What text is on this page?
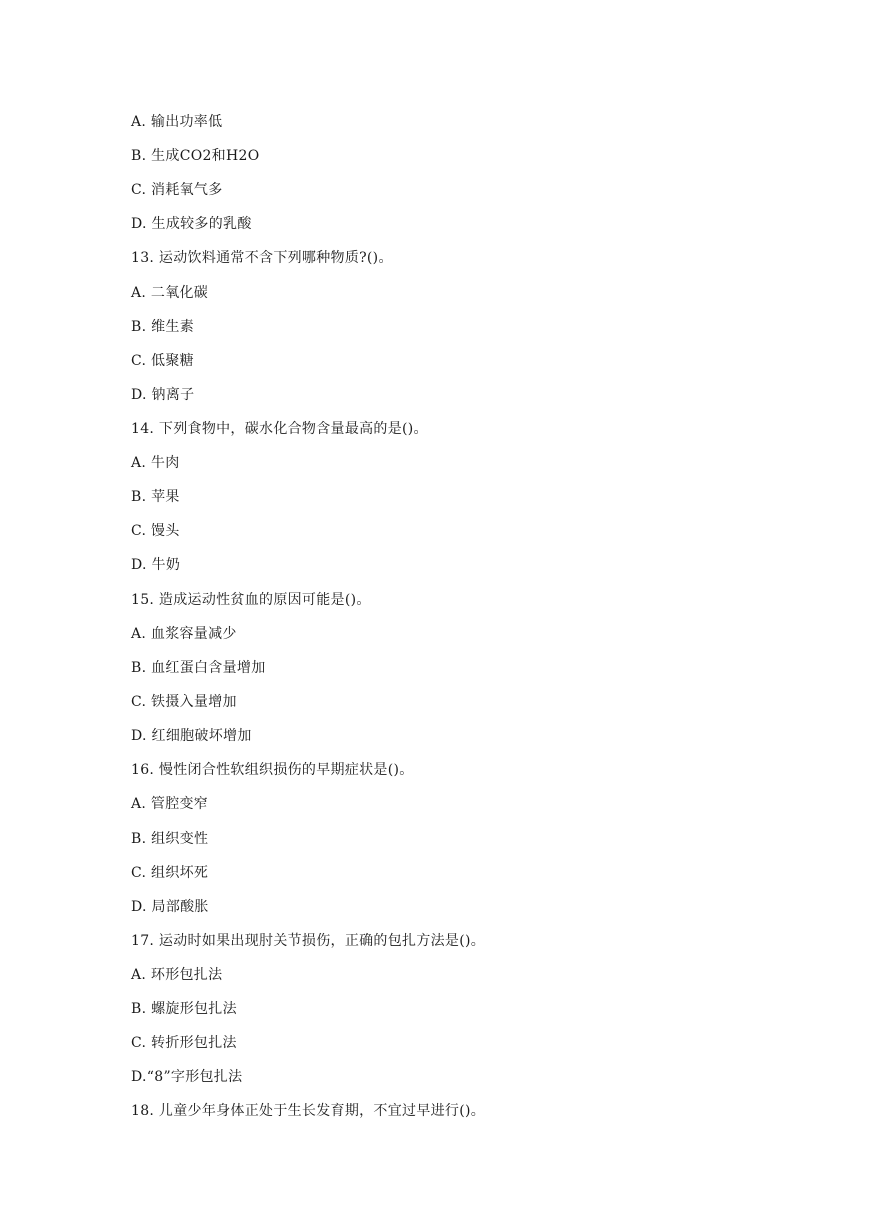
A. 输出功率低
B. 生成CO2和H2O
C. 消耗氧气多
D. 生成较多的乳酸
13. 运动饮料通常不含下列哪种物质?()。
A. 二氧化碳
B. 维生素
C. 低聚糖
D. 钠离子
14. 下列食物中，碳水化合物含量最高的是()。
A. 牛肉
B. 苹果
C. 馒头
D. 牛奶
15. 造成运动性贫血的原因可能是()。
A. 血浆容量减少
B. 血红蛋白含量增加
C. 铁摄入量增加
D. 红细胞破坏增加
16. 慢性闭合性软组织损伤的早期症状是()。
A. 管腔变窄
B. 组织变性
C. 组织坏死
D. 局部酸胀
17. 运动时如果出现肘关节损伤，正确的包扎方法是()。
A. 环形包扎法
B. 螺旋形包扎法
C. 转折形包扎法
D.“8”字形包扎法
18. 儿童少年身体正处于生长发育期，不宜过早进行()。
